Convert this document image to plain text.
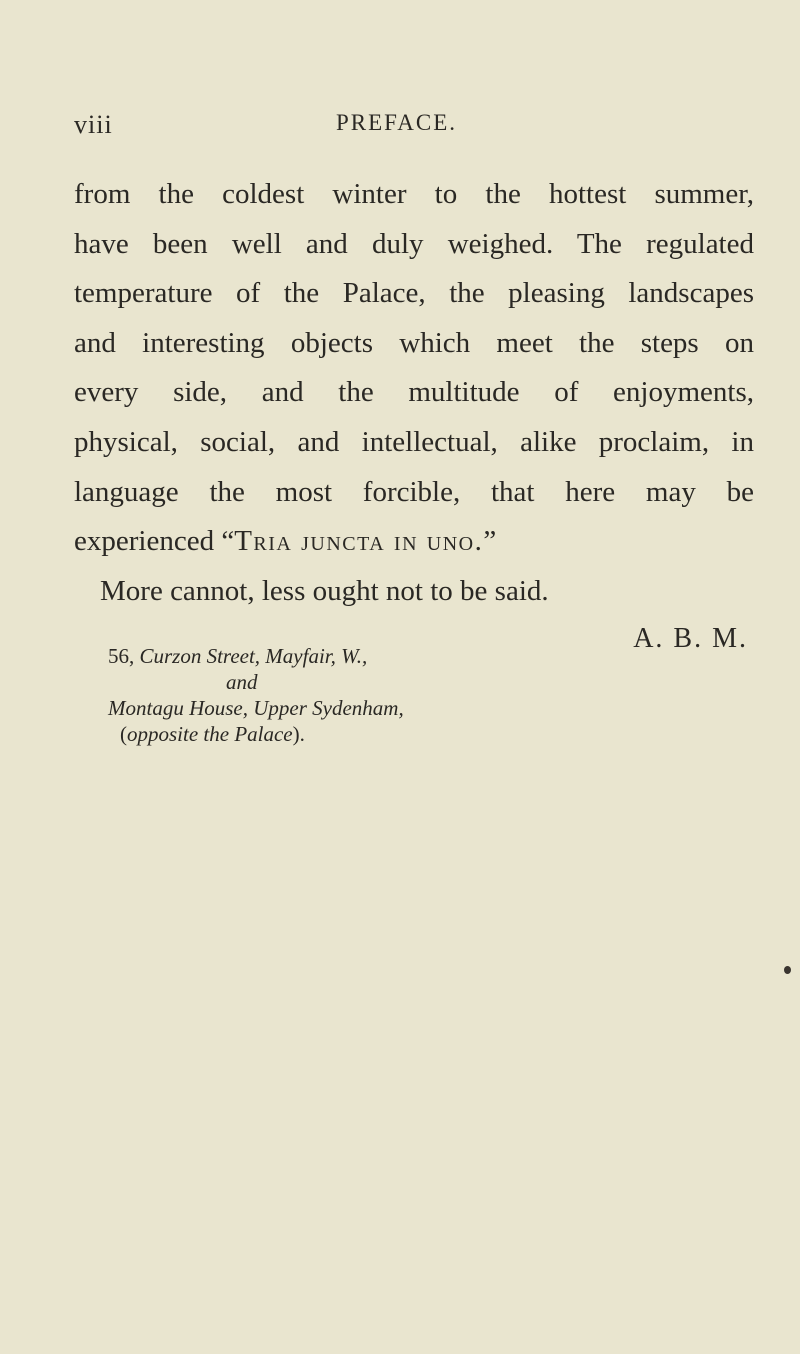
viii	PREFACE.
from the coldest winter to the hottest summer,
have been well and duly weighed. The regulated
temperature of the Palace, the pleasing landscapes
and interesting objects which meet the steps on
every side, and the multitude of enjoyments,
physical, social, and intellectual, alike proclaim, in
language the most forcible, that here may be
experienced “Tria juncta in uno.”
More cannot, less ought not to be said.
A. B. M.
56, Curzon Street, Mayfair, W.,
and
Montagu House, Upper Sydenham,
(opposite the Palace).
